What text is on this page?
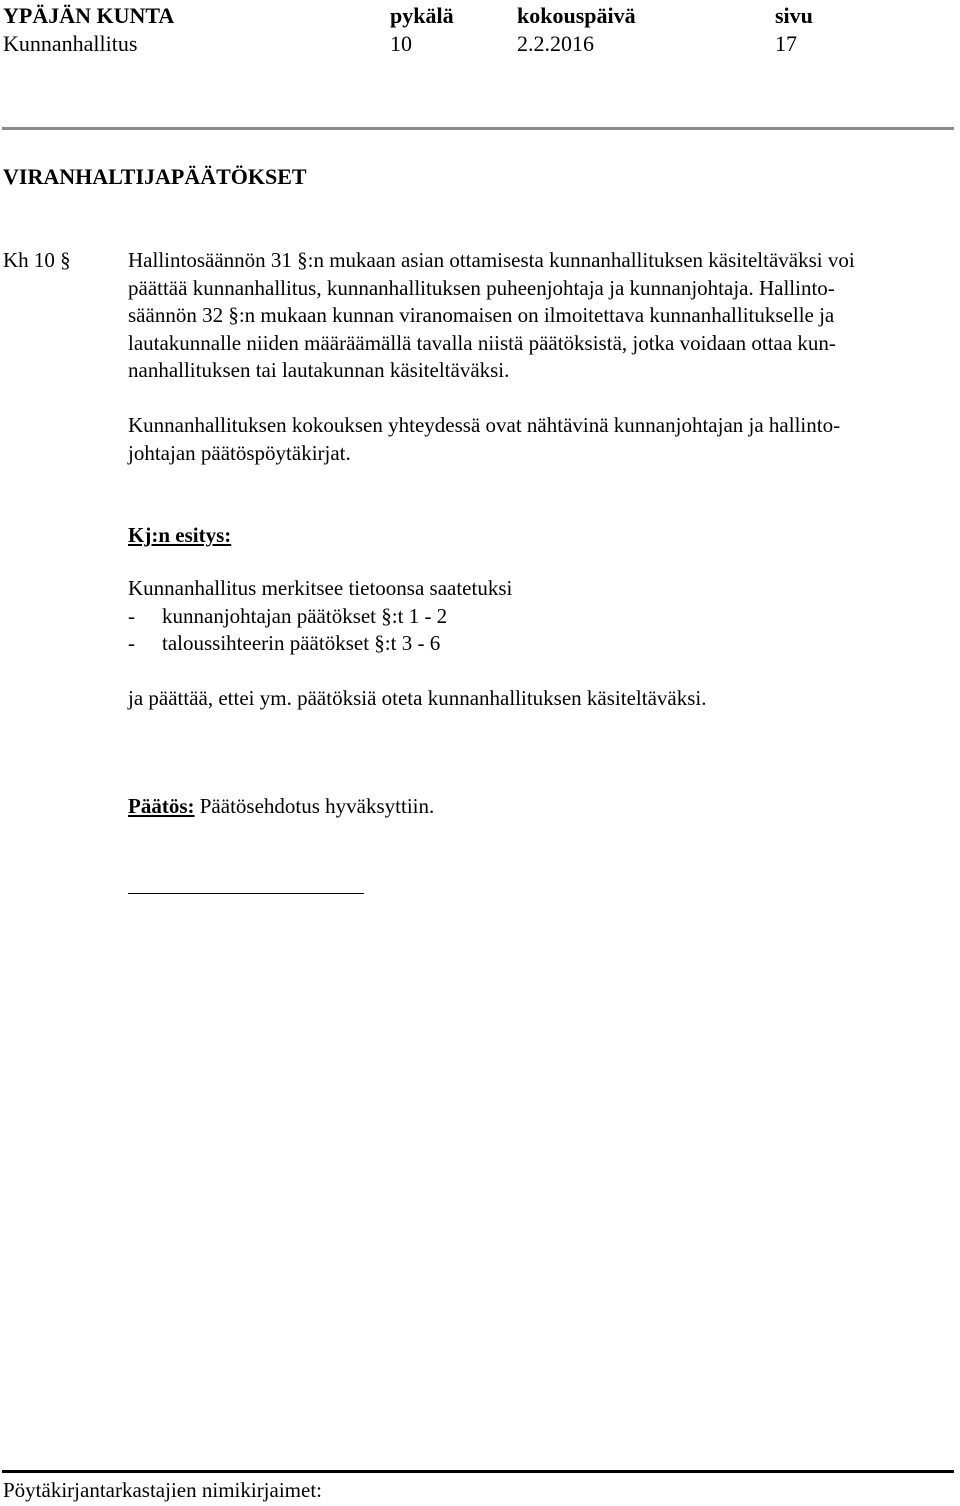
YPÄJÄN KUNTA
Kunnanhallitus
pykälä
10
kokouspäivä
2.2.2016
sivu
17
VIRANHALTIJAPÄÄTÖKSET
Kh 10 §	Hallintosäännön 31 §:n mukaan asian ottamisesta kunnanhallituksen käsiteltäväksi voi
päättää kunnanhallitus, kunnanhallituksen puheenjohtaja ja kunnanjohtaja. Hallinto-
säännön 32 §:n mukaan kunnan viranomaisen on ilmoitettava kunnanhallitukselle ja
lautakunnalle niiden määräämällä tavalla niistä päätöksistä, jotka voidaan ottaa kun-
nanhallituksen tai lautakunnan käsiteltäväksi.
Kunnanhallituksen kokouksen yhteydessä ovat nähtävinä kunnanjohtajan ja hallinto-
johtajan päätöspöytäkirjat.
Kj:n esitys:
Kunnanhallitus merkitsee tietoonsa saatetuksi
- kunnanjohtajan päätökset §:t 1 - 2
- taloussihteerin päätökset §:t 3 - 6
ja päättää, ettei ym. päätöksiä oteta kunnanhallituksen käsiteltäväksi.
Päätös: Päätösehdotus hyväksyttiin.
Pöytäkirjantarkastajien nimikirjaimet:
